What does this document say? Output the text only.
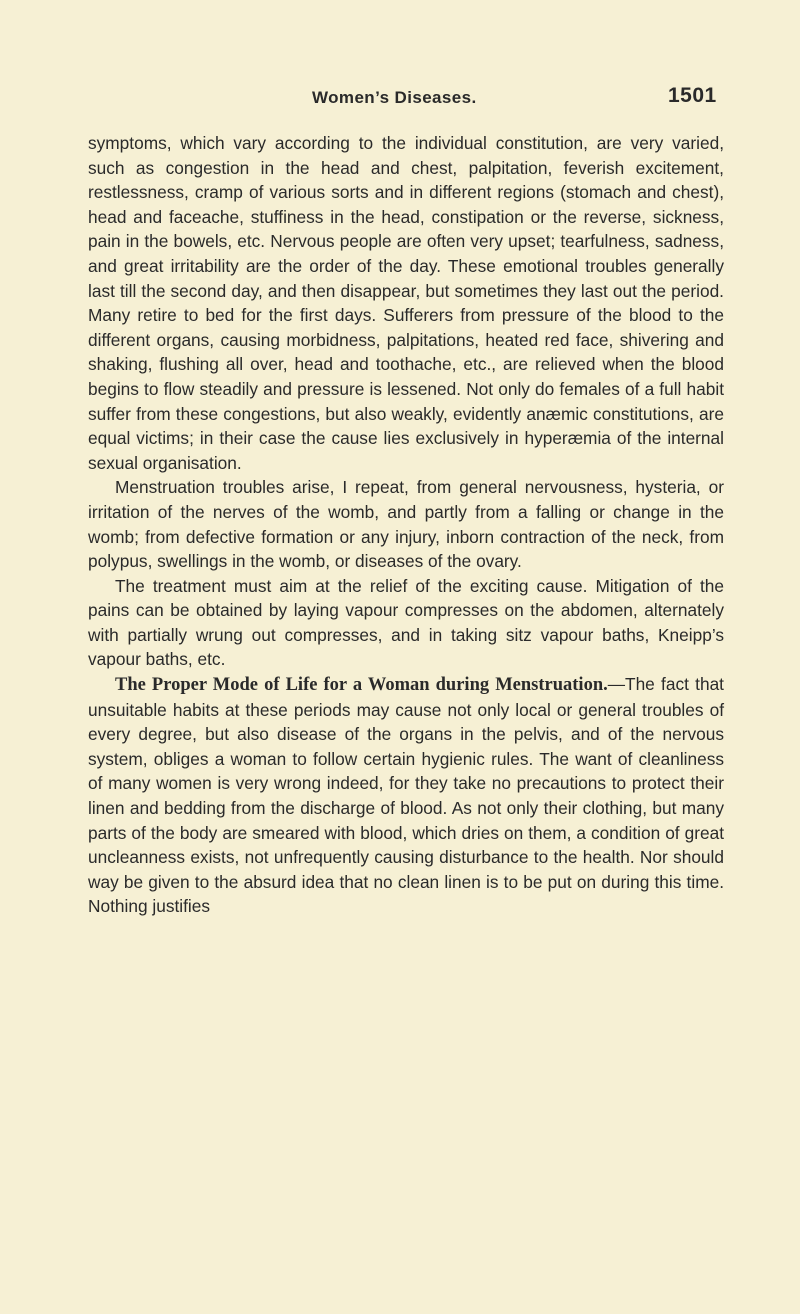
Women’s Diseases.	1501

symptoms, which vary according to the individual constitution, are very varied, such as congestion in the head and chest, palpitation, feverish excitement, restlessness, cramp of various sorts and in different regions (stomach and chest), head and faceache, stuffiness in the head, constipation or the reverse, sickness, pain in the bowels, etc. Nervous people are often very upset; tearfulness, sadness, and great irritability are the order of the day. These emotional troubles generally last till the second day, and then disappear, but sometimes they last out the period. Many retire to bed for the first days. Sufferers from pressure of the blood to the different organs, causing morbidness, palpitations, heated red face, shivering and shaking, flushing all over, head and toothache, etc., are relieved when the blood begins to flow steadily and pressure is lessened. Not only do females of a full habit suffer from these congestions, but also weakly, evidently anæmic constitutions, are equal victims; in their case the cause lies exclusively in hyperæmia of the internal sexual organisation.

Menstruation troubles arise, I repeat, from general nervousness, hysteria, or irritation of the nerves of the womb, and partly from a falling or change in the womb; from defective formation or any injury, inborn contraction of the neck, from polypus, swellings in the womb, or diseases of the ovary.

The treatment must aim at the relief of the exciting cause. Mitigation of the pains can be obtained by laying vapour compresses on the abdomen, alternately with partially wrung out compresses, and in taking sitz vapour baths, Kneipp’s vapour baths, etc.

The Proper Mode of Life for a Woman during Menstruation.—The fact that unsuitable habits at these periods may cause not only local or general troubles of every degree, but also disease of the organs in the pelvis, and of the nervous system, obliges a woman to follow certain hygienic rules. The want of cleanliness of many women is very wrong indeed, for they take no precautions to protect their linen and bedding from the discharge of blood. As not only their clothing, but many parts of the body are smeared with blood, which dries on them, a condition of great uncleanness exists, not unfrequently causing disturbance to the health. Nor should way be given to the absurd idea that no clean linen is to be put on during this time. Nothing justifies
